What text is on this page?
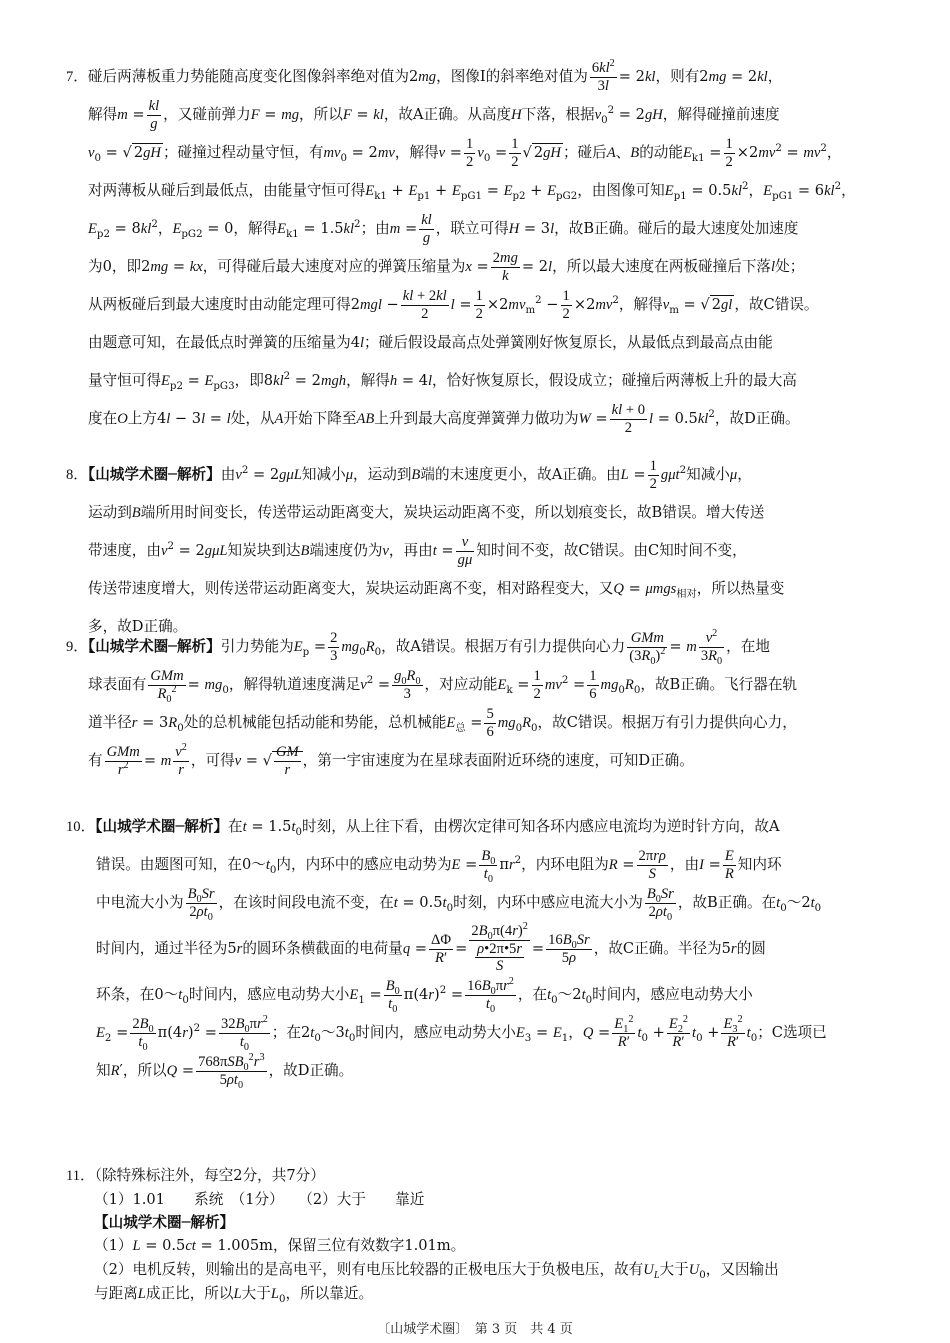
7．碰后两薄板重力势能随高度变化图像斜率绝对值为2mg，图像Ⅰ的斜率绝对值为 $\frac{6kl^2}{3l} = 2kl$，则有2mg = 2kl，
解得$m = \frac{kl}{g}$ ，又碰前弹力F = mg，所以F = kl，故A正确。从高度H下落，根据$v_0^2 = 2gH$，解得碰撞前速度
$v_0$ = √ 2gH ；碰撞过程动量守恒，有$mv_0 = 2mv$，解得$v = \frac{1}{2} v_0 = \frac{1}{2}$ √ 2gH ；碰后A、B的动能$E_{k1} = \frac{1}{2} \times 2mv^2 = mv^2$，
对两薄板从碰后到最低点，由能量守恒可得$E_{k1} + E_{p1} + E_{pG1} = E_{p2} + E_{pG2}$，由图像可知$E_{p1} = 0.5kl^2$，$E_{pG1} = 6kl^2$，
$E_{p2} = 8kl^2$，$E_{pG2} = 0$，解得$E_{k1} = 1.5kl^2$；由$m = \frac{kl}{g}$ ，联立可得H = 3l，故B正确。碰后的最大速度处加速度
为0，即2mg = kx，可得碰后最大速度对应的弹簧压缩量为$x = \frac{2mg}{k} = 2l$，所以最大速度在两板碰撞后下落l处；
从两板碰后到最大速度时由动能定理可得$2mgl - \frac{kl + 2kl}{2}$ $l = \frac{1}{2} \times 2mv_m^2 - \frac{1}{2} \times 2mv^2$，解得$v_m$ = √ 2gl ，故C错误。
由题意可知，在最低点时弹簧的压缩量为4l；碰后假设最高点处弹簧刚好恢复原长，从最低点到最高点由能
量守恒可得$E_{p2} = E_{pG3}$，即$8kl^2 = 2mgh$，解得h = 4l，恰好恢复原长，假设成立；碰撞后两薄板上升的最大高
度在O上方4l − 3l = l处，从A开始下降至AB上升到最大高度弹簧弹力做功为$W = \frac{kl + 0}{2}$ $l = 0.5kl^2$，故D正确。
8．【山城学术圈─解析】由$v^2 = 2g\mu L$知减小μ，运动到B端的末速度更小，故A正确。由$L = \frac{1}{2} g\mu t^2$知减小μ，
运动到B端所用时间变长，传送带运动距离变大，炭块运动距离不变，所以划痕变长，故B错误。增大传送
带速度，由$v^2 = 2g\mu L$知炭块到达B端速度仍为v，再由$t = \frac{v}{g\mu}$ 知时间不变，故C错误。由C知时间不变，
传送带速度增大，则传送带运动距离变大，炭块运动距离不变，相对路程变大，又Q = μmgs$_{相对}$，所以热量变
多，故D正确。
9．【山城学术圈─解析】引力势能为$E_p = \frac{2}{3} mg_0R_0$，故A错误。根据万有引力提供向心力 $\frac{\text{GMm}}{(3R_0)^2} = m \frac{v^2}{3R_0}$ ，在地
球表面有 $\frac{\text{GMm}}{R_0^2} = mg_0$，解得轨道速度满足$v^2 = \frac{g_0R_0}{3}$ ，对应动能$E_k = \frac{1}{2} mv^2 = \frac{1}{6} mg_0R_0$，故B正确。飞行器在轨
道半径$r = 3R_0$处的总机械能包括动能和势能，总机械能$E_总 = \frac{5}{6} mg_0R_0$，故C错误。根据万有引力提供向心力，
有 $\frac{\text{GMm}}{r^2} = m \frac{v^2}{r}$ ，可得v = √ $\frac{GM}{r}$ ，第一宇宙速度为在星球表面附近环绕的速度，可知D正确。
10．【山城学术圈─解析】在$t = 1.5t_0$时刻，从上往下看，由楞次定律可知各环内感应电流均为逆时针方向，故A
错误。由题图可知，在$0\sim t_0$内，内环中的感应电动势为$E = \frac{B_0}{t_0} \pi r^2$，内环电阻为$R = \frac{\text{2πrρ}}{S}$ ，由$I = \frac{E}{R}$ 知内环
中电流大小为 $\frac{B_0Sr}{2\rho t_0}$ ，在该时间段电流不变，在$t = 0.5t_0$时刻，内环中感应电流大小为 $\frac{B_0Sr}{2\rho t_0}$ ，故B正确。在$t_0\sim 2t_0$
时间内，通过半径为5r的圆环条横截面的电荷量$q = \frac{\Delta\Phi}{R'} = \frac{2B_0\pi(4r)^2}{\frac{\rho•2\pi•5r}{S}} = \frac{16B_0Sr}{5\rho}$ ，故C正确。半径为5r的圆
环条，在$0\sim t_0$时间内，感应电动势大小$E_1 = \frac{B_0}{t_0} \pi(4r)^2 = \frac{16B_0\pi r^2}{t_0}$ ，在$t_0\sim 2t_0$时间内，感应电动势大小
$E_2 = \frac{2B_0}{t_0} \pi(4r)^2 = \frac{32B_0\pi r^2}{t_0}$ ；在$2t_0\sim 3t_0$时间内，感应电动势大小$E_3 = E_1$，$Q = \frac{E_1^2}{R'} t_0 + \frac{E_2^2}{R'} t_0 + \frac{E_3^2}{R'} t_0$；C选项已
知R′，所以$Q = \frac{768\pi SB_0^2r^3}{5\rho t_0}$ ，故D正确。
11．（除特殊标注外，每空2分，共7分）
（1）1.01　　系统　（1分）　　（2）大于　　靠近
【山城学术圈─解析】
（1）L = 0.5ct = 1.005m，保留三位有效数字1.01m。
（2）电机反转，则输出的是高电平，则有电压比较器的正极电压大于负极电压，故有$U_L$大于$U_0$，又因输出
与距离L成正比，所以L大于$L_0$，所以靠近。
〔山城学术圈〕　第 3 页　共 4 页
